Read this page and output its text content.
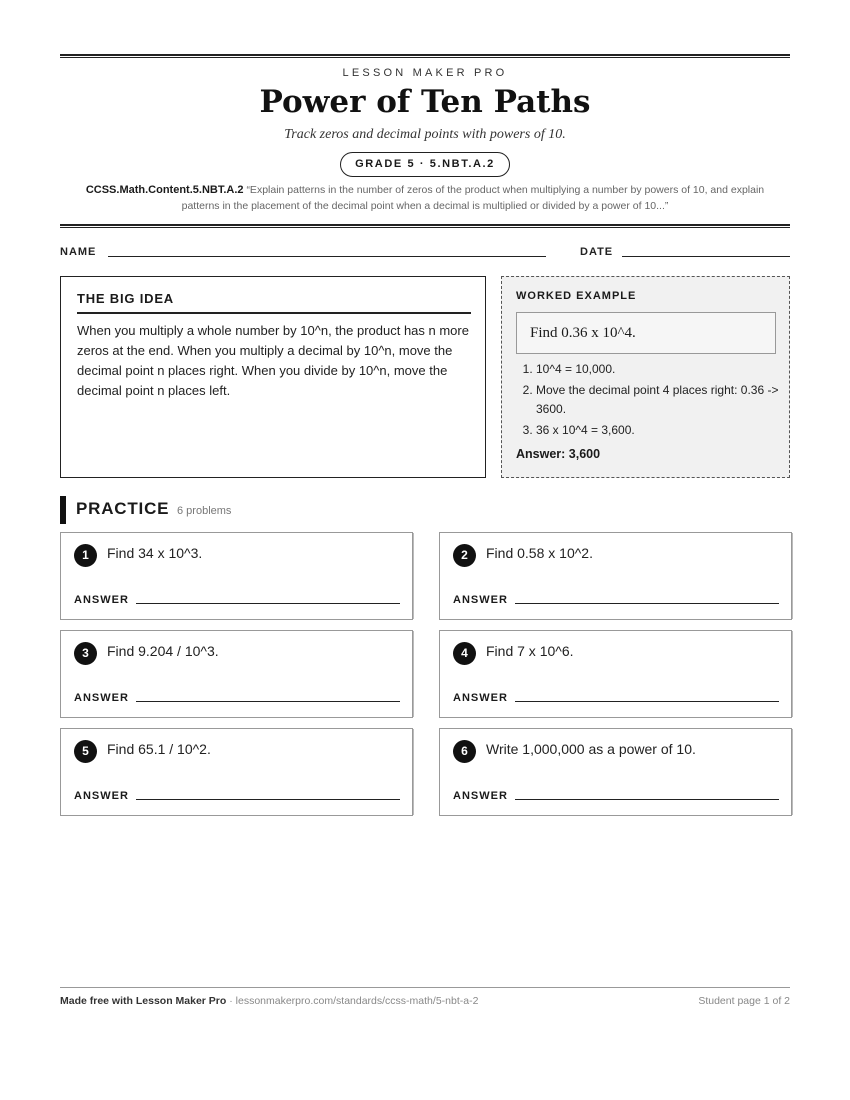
LESSON MAKER PRO
Power of Ten Paths
Track zeros and decimal points with powers of 10.
GRADE 5 · 5.NBT.A.2
CCSS.Math.Content.5.NBT.A.2 “Explain patterns in the number of zeros of the product when multiplying a number by powers of 10, and explain patterns in the placement of the decimal point when a decimal is multiplied or divided by a power of 10...”
NAME	DATE
THE BIG IDEA

When you multiply a whole number by 10^n, the product has n more zeros at the end. When you multiply a decimal by 10^n, move the decimal point n places right. When you divide by 10^n, move the decimal point n places left.

WORKED EXAMPLE
Find 0.36 x 10^4.
1. 10^4 = 10,000.
2. Move the decimal point 4 places right: 0.36 -> 3600.
3. 36 x 10^4 = 3,600.
Answer: 3,600
PRACTICE 6 problems
1	Find 34 x 10^3.
ANSWER
2	Find 0.58 x 10^2.
ANSWER
3	Find 9.204 / 10^3.
ANSWER
4	Find 7 x 10^6.
ANSWER
5	Find 65.1 / 10^2.
ANSWER
6	Write 1,000,000 as a power of 10.
ANSWER
Made free with Lesson Maker Pro · lessonmakerpro.com/standards/ccss-math/5-nbt-a-2	Student page 1 of 2
